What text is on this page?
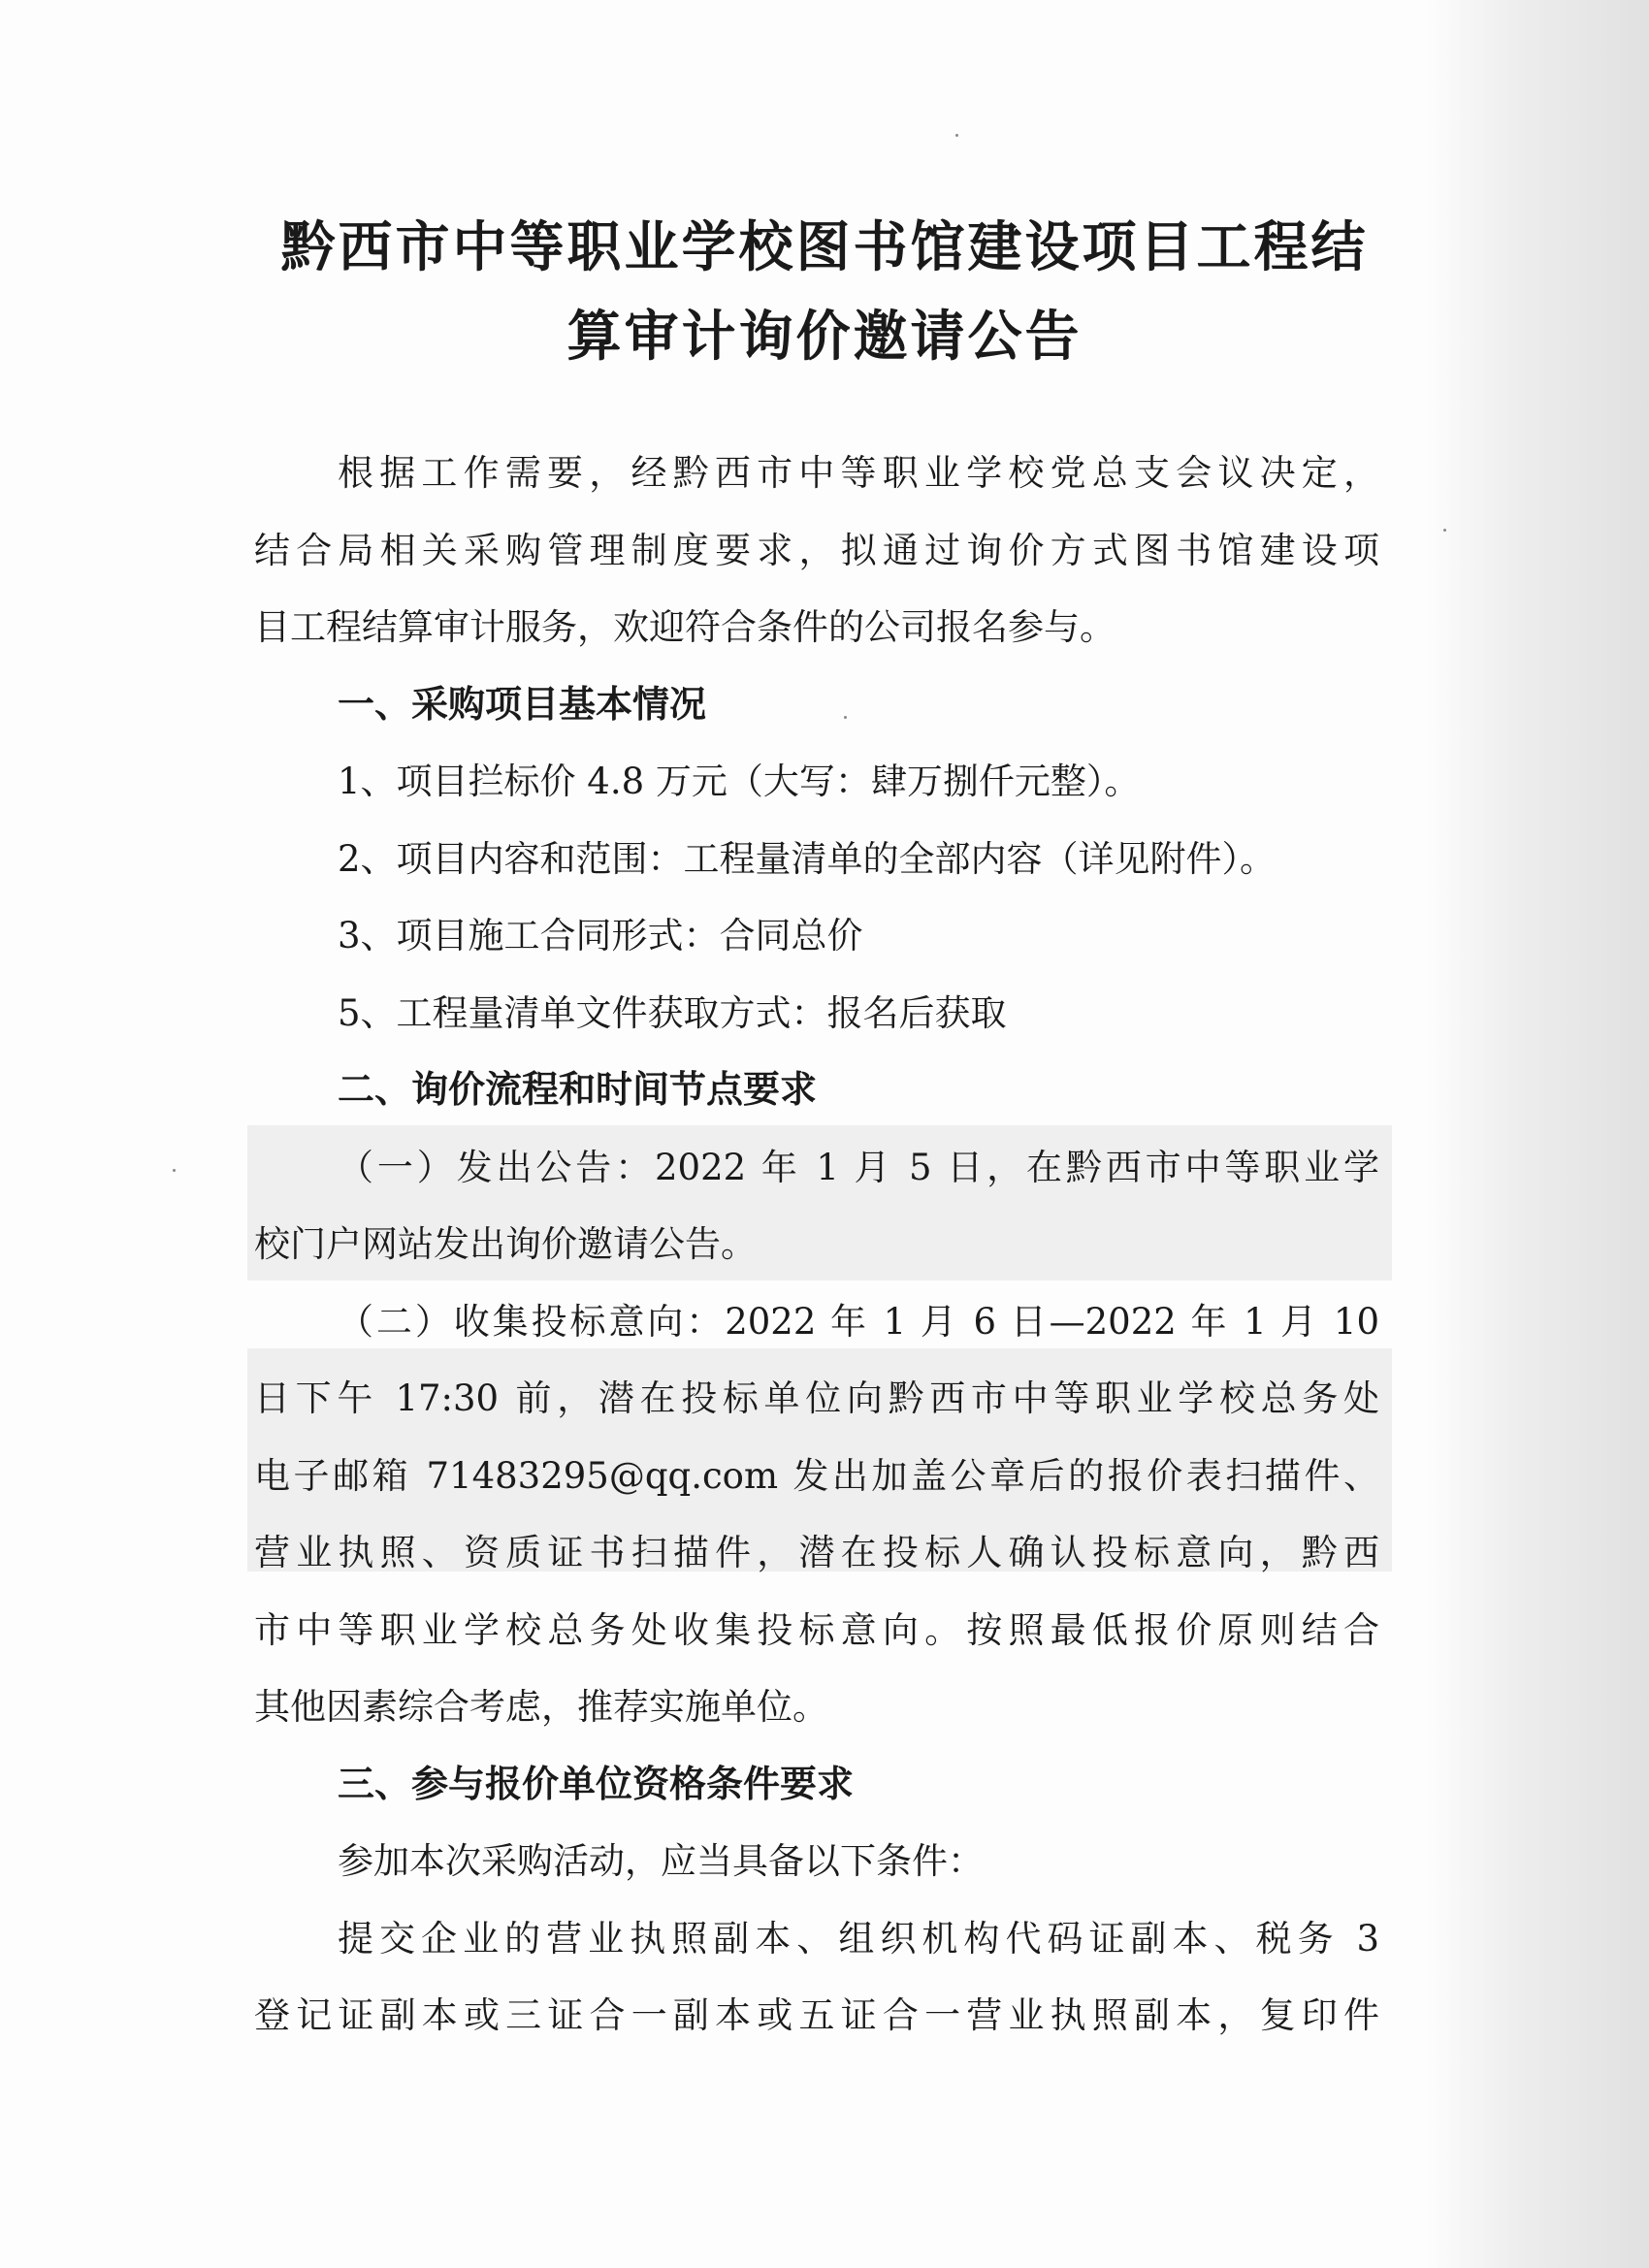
黔西市中等职业学校图书馆建设项目工程结
算审计询价邀请公告
根据工作需要，经黔西市中等职业学校党总支会议决定，
结合局相关采购管理制度要求，拟通过询价方式图书馆建设项
目工程结算审计服务，欢迎符合条件的公司报名参与。
一、采购项目基本情况
1、项目拦标价 4.8 万元（大写：肆万捌仟元整）。
2、项目内容和范围：工程量清单的全部内容（详见附件）。
3、项目施工合同形式：合同总价
5、工程量清单文件获取方式：报名后获取
二、询价流程和时间节点要求
（一）发出公告：2022 年 1 月 5 日，在黔西市中等职业学
校门户网站发出询价邀请公告。
（二）收集投标意向：2022 年 1 月 6 日—2022 年 1 月 10
日下午 17:30 前，潜在投标单位向黔西市中等职业学校总务处
电子邮箱 71483295@qq.com 发出加盖公章后的报价表扫描件、
营业执照、资质证书扫描件，潜在投标人确认投标意向，黔西
市中等职业学校总务处收集投标意向。按照最低报价原则结合
其他因素综合考虑，推荐实施单位。
三、参与报价单位资格条件要求
参加本次采购活动，应当具备以下条件：
提交企业的营业执照副本、组织机构代码证副本、税务 3
登记证副本或三证合一副本或五证合一营业执照副本，复印件
